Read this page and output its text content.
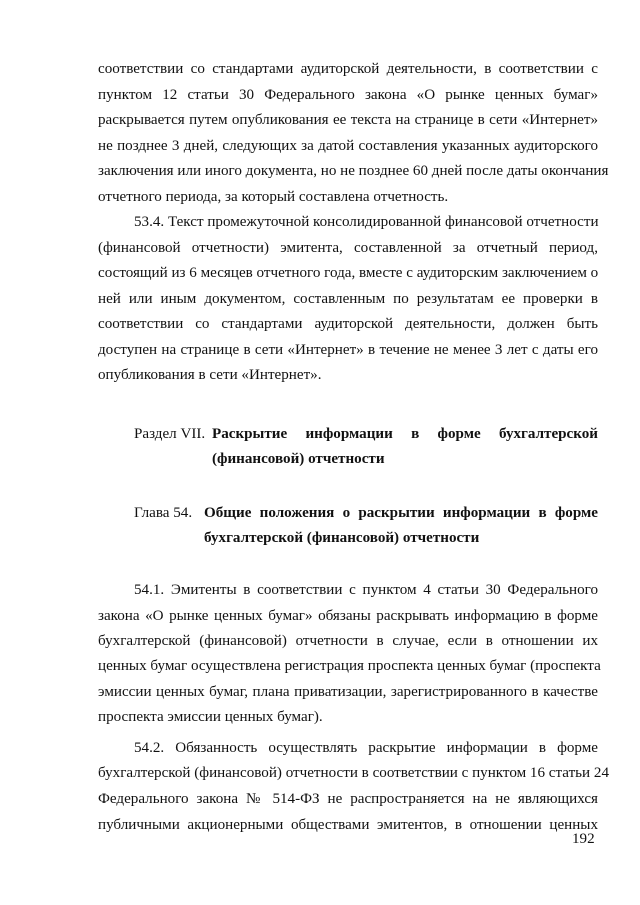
соответствии со стандартами аудиторской деятельности, в соответствии с
пунктом 12 статьи 30 Федерального закона «О рынке ценных бумаг»
раскрывается путем опубликования ее текста на странице в сети «Интернет»
не позднее 3 дней, следующих за датой составления указанных аудиторского
заключения или иного документа, но не позднее 60 дней после даты окончания
отчетного периода, за который составлена отчетность.
53.4. Текст промежуточной консолидированной финансовой отчетности
(финансовой отчетности) эмитента, составленной за отчетный период,
состоящий из 6 месяцев отчетного года, вместе с аудиторским заключением о
ней или иным документом, составленным по результатам ее проверки в
соответствии со стандартами аудиторской деятельности, должен быть
доступен на странице в сети «Интернет» в течение не менее 3 лет с даты его
опубликования в сети «Интернет».
Раздел VII. Раскрытие информации в форме бухгалтерской
(финансовой) отчетности
Глава 54. Общие положения о раскрытии информации в форме
бухгалтерской (финансовой) отчетности
54.1. Эмитенты в соответствии с пунктом 4 статьи 30 Федерального
закона «О рынке ценных бумаг» обязаны раскрывать информацию в форме
бухгалтерской (финансовой) отчетности в случае, если в отношении их
ценных бумаг осуществлена регистрация проспекта ценных бумаг (проспекта
эмиссии ценных бумаг, плана приватизации, зарегистрированного в качестве
проспекта эмиссии ценных бумаг).
54.2. Обязанность осуществлять раскрытие информации в форме
бухгалтерской (финансовой) отчетности в соответствии с пунктом 16 статьи 24
Федерального закона № 514-ФЗ не распространяется на не являющихся
публичными акционерными обществами эмитентов, в отношении ценных
192
